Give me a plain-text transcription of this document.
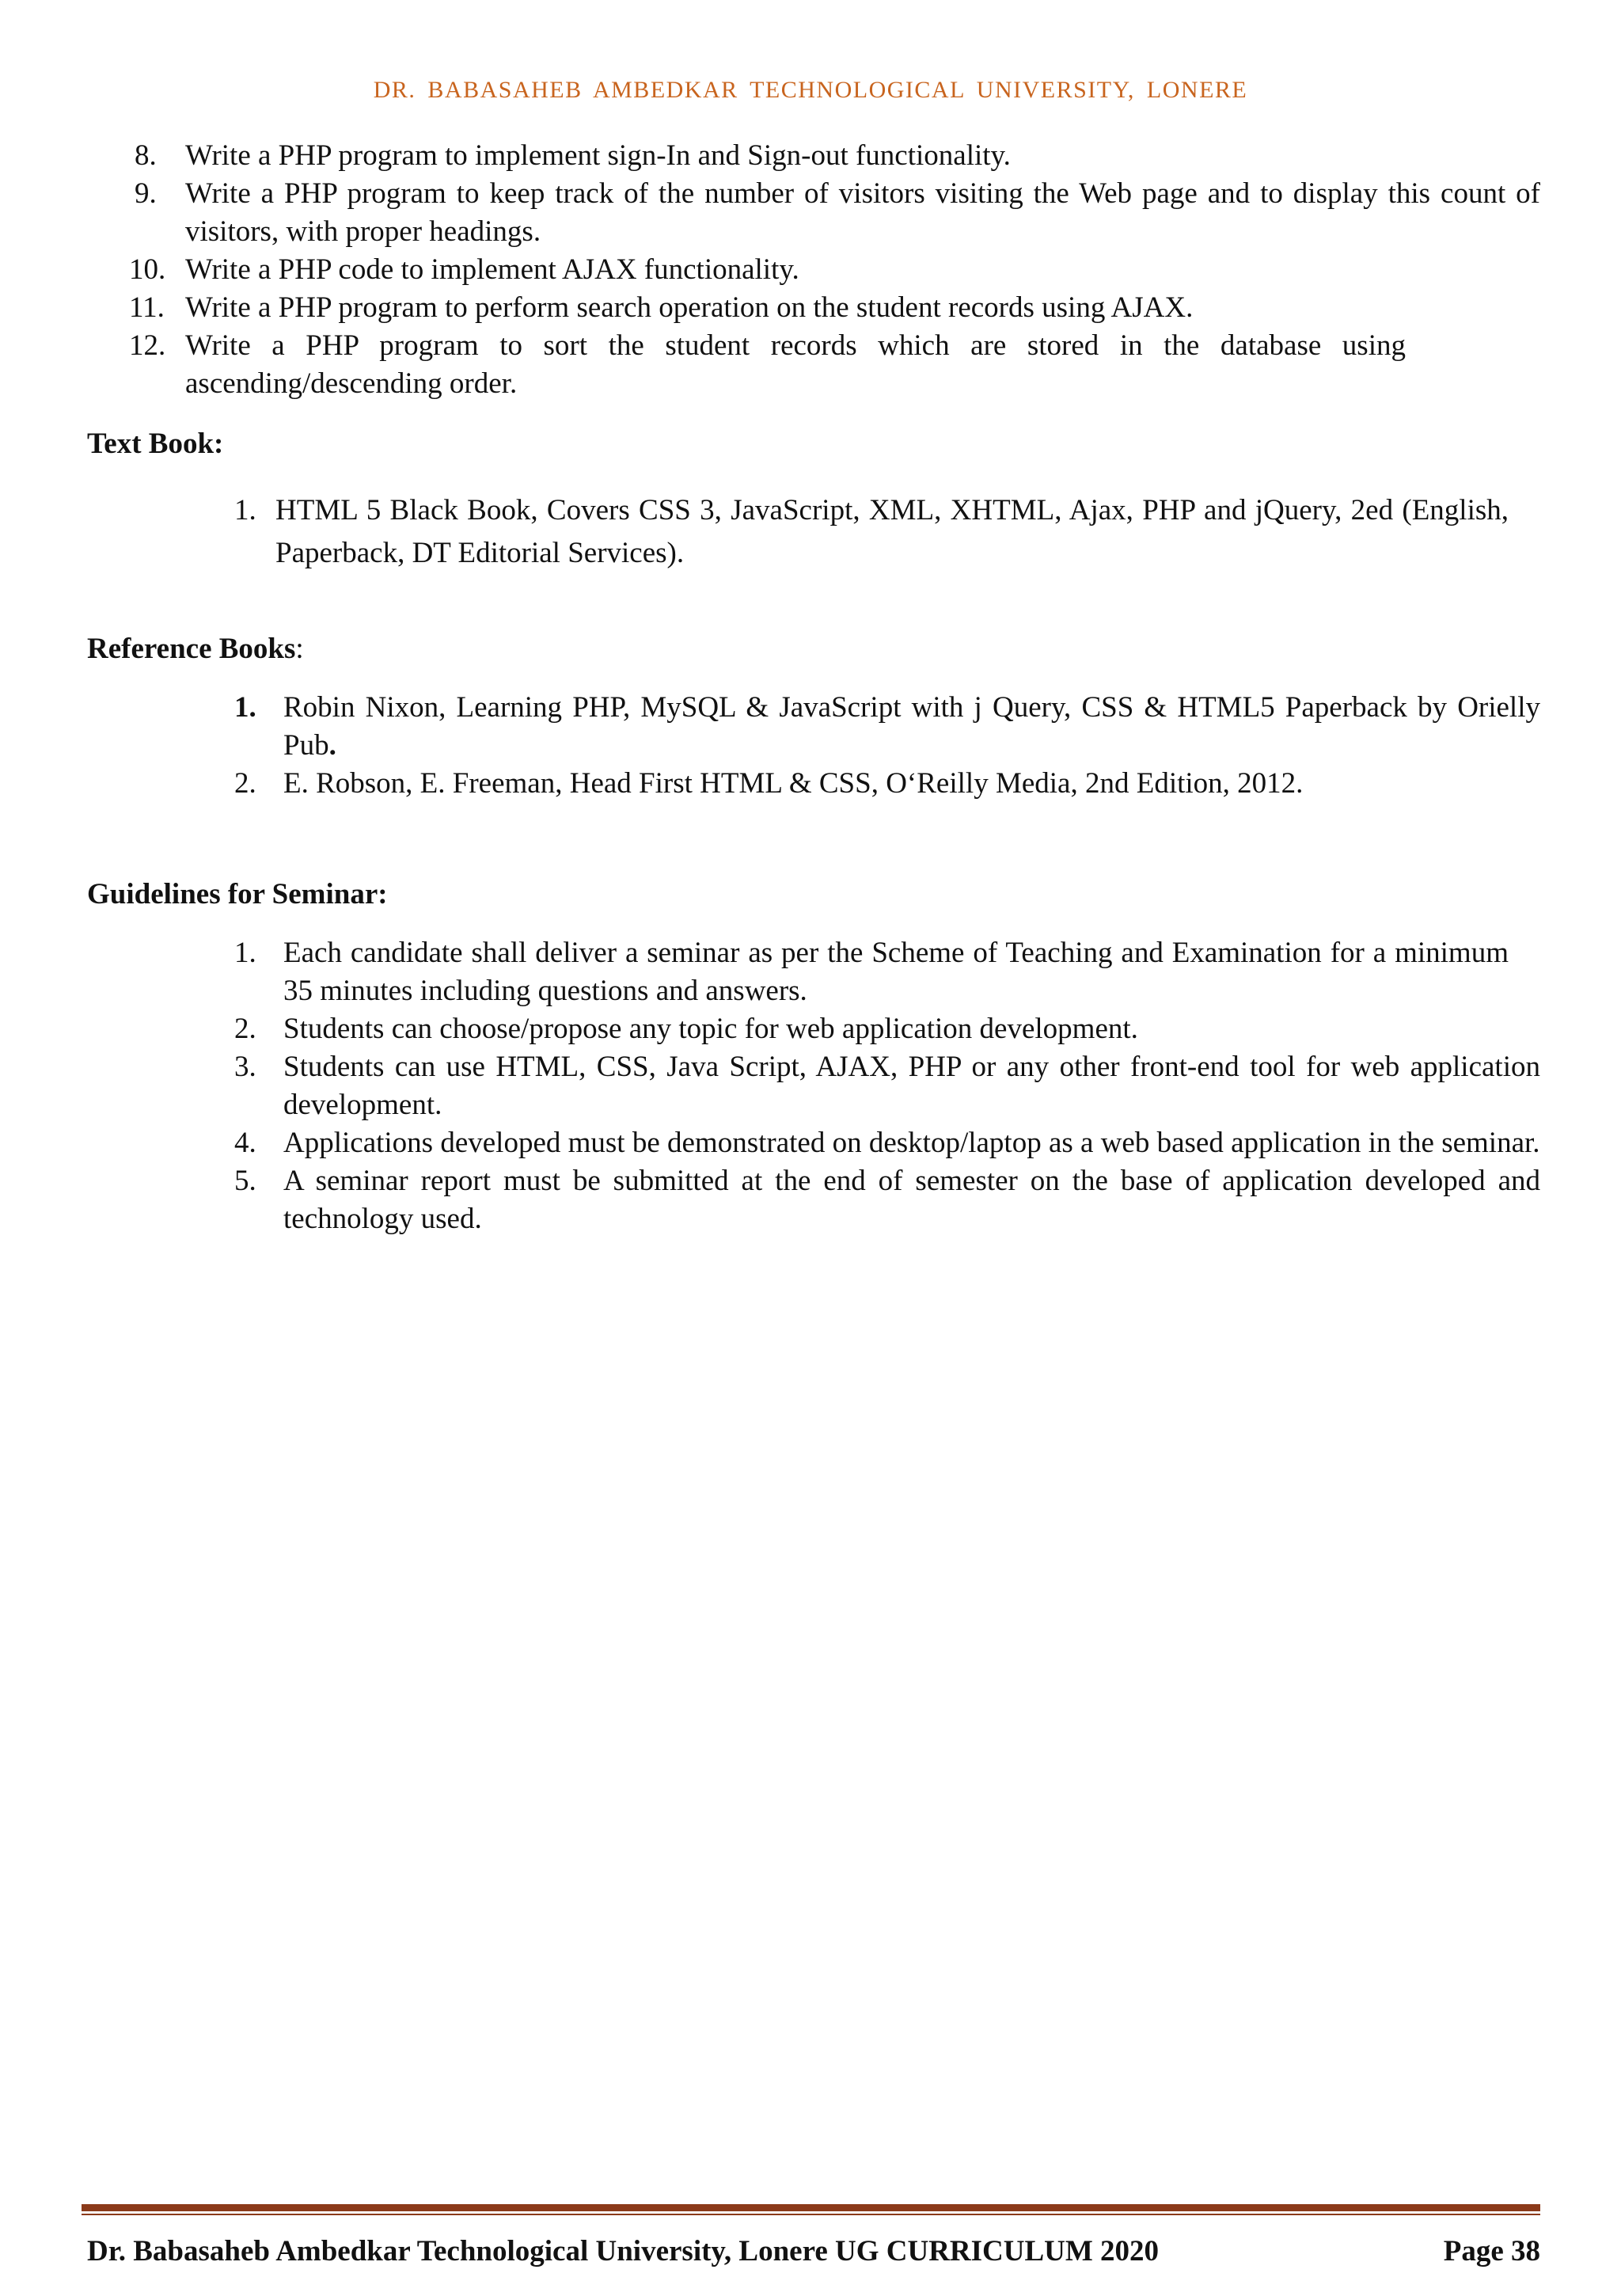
DR. BABASAHEB AMBEDKAR TECHNOLOGICAL UNIVERSITY, LONERE
8. Write a PHP program to implement sign-In and Sign-out functionality.
9. Write a PHP program to keep track of the number of visitors visiting the Web page and to display this count of visitors, with proper headings.
10. Write a PHP code to implement AJAX functionality.
11. Write a PHP program to perform search operation on the student records using AJAX.
12. Write a PHP program to sort the student records which are stored in the database using ascending/descending order.
Text Book:
1. HTML 5 Black Book, Covers CSS 3, JavaScript, XML, XHTML, Ajax, PHP and jQuery, 2ed (English, Paperback, DT Editorial Services).
Reference Books:
1. Robin Nixon, Learning PHP, MySQL & JavaScript with j Query, CSS & HTML5 Paperback by Orielly Pub.
2. E. Robson, E. Freeman, Head First HTML & CSS, O‘Reilly Media, 2nd Edition, 2012.
Guidelines for Seminar:
1. Each candidate shall deliver a seminar as per the Scheme of Teaching and Examination for a minimum 35 minutes including questions and answers.
2. Students can choose/propose any topic for web application development.
3. Students can use HTML, CSS, Java Script, AJAX, PHP or any other front-end tool for web application development.
4. Applications developed must be demonstrated on desktop/laptop as a web based application in the seminar.
5. A seminar report must be submitted at the end of semester on the base of application developed and technology used.
Dr. Babasaheb Ambedkar Technological University, Lonere UG CURRICULUM 2020	Page 38
